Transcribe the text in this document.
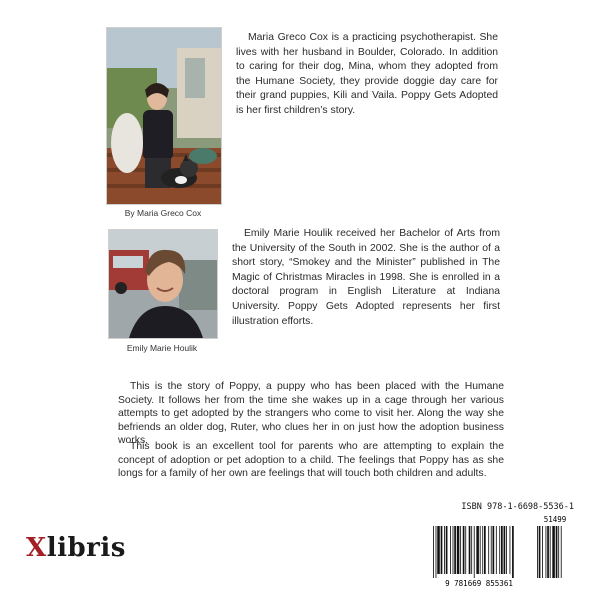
By Maria Greco Cox

Maria Greco Cox is a practicing psychotherapist. She lives with her husband in Boulder, Colorado. In addition to caring for their dog, Mina, whom they adopted from the Humane Society, they provide doggie day care for their grand puppies, Kili and Vaila. Poppy Gets Adopted is her first children’s story.

Emily Marie Houlik

Emily Marie Houlik received her Bachelor of Arts from the University of the South in 2002. She is the author of a short story, “Smokey and the Minister” published in The Magic of Christmas Miracles in 1998. She is enrolled in a doctoral program in English Literature at Indiana University. Poppy Gets Adopted represents her first illustration efforts.

This is the story of Poppy, a puppy who has been placed with the Humane Society. It follows her from the time she wakes up in a cage through her various attempts to get adopted by the strangers who come to visit her. Along the way she befriends an older dog, Ruter, who clues her in on just how the adoption business works.

This book is an excellent tool for parents who are attempting to explain the concept of adoption or pet adoption to a child. The feelings that Poppy has as she longs for a family of her own are feelings that will touch both children and adults.

Xlibris
ISBN 978-1-6698-5536-1
51499
9 781669 855361
